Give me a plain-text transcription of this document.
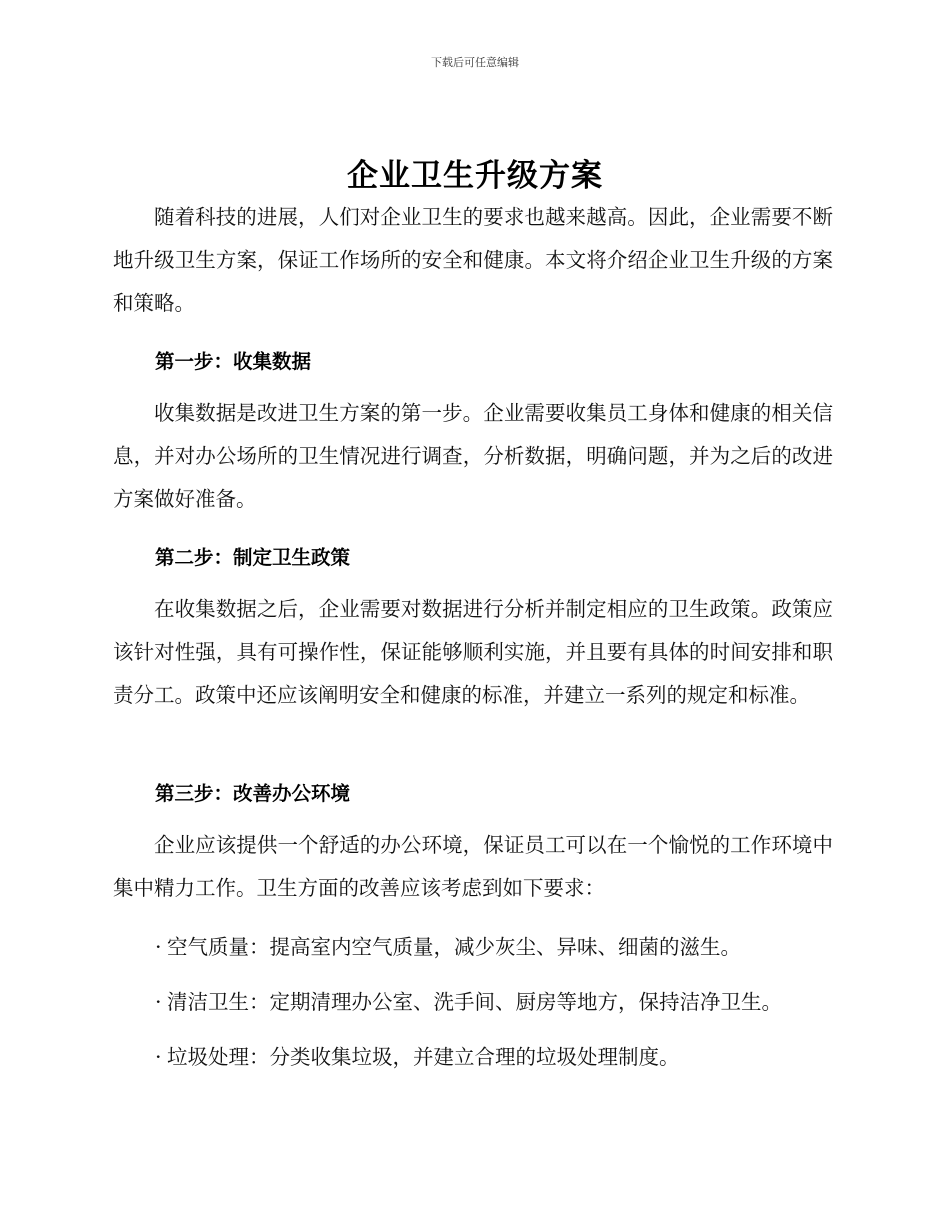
下载后可任意编辑
企业卫生升级方案

随着科技的进展，人们对企业卫生的要求也越来越高。因此，企业需要不断地升级卫生方案，保证工作场所的安全和健康。本文将介绍企业卫生升级的方案和策略。

第一步：收集数据

收集数据是改进卫生方案的第一步。企业需要收集员工身体和健康的相关信息，并对办公场所的卫生情况进行调查，分析数据，明确问题，并为之后的改进方案做好准备。

第二步：制定卫生政策

在收集数据之后，企业需要对数据进行分析并制定相应的卫生政策。政策应该针对性强，具有可操作性，保证能够顺利实施，并且要有具体的时间安排和职责分工。政策中还应该阐明安全和健康的标准，并建立一系列的规定和标准。

第三步：改善办公环境

企业应该提供一个舒适的办公环境，保证员工可以在一个愉悦的工作环境中集中精力工作。卫生方面的改善应该考虑到如下要求：

· 空气质量：提高室内空气质量，减少灰尘、异味、细菌的滋生。
· 清洁卫生：定期清理办公室、洗手间、厨房等地方，保持洁净卫生。
· 垃圾处理：分类收集垃圾，并建立合理的垃圾处理制度。
